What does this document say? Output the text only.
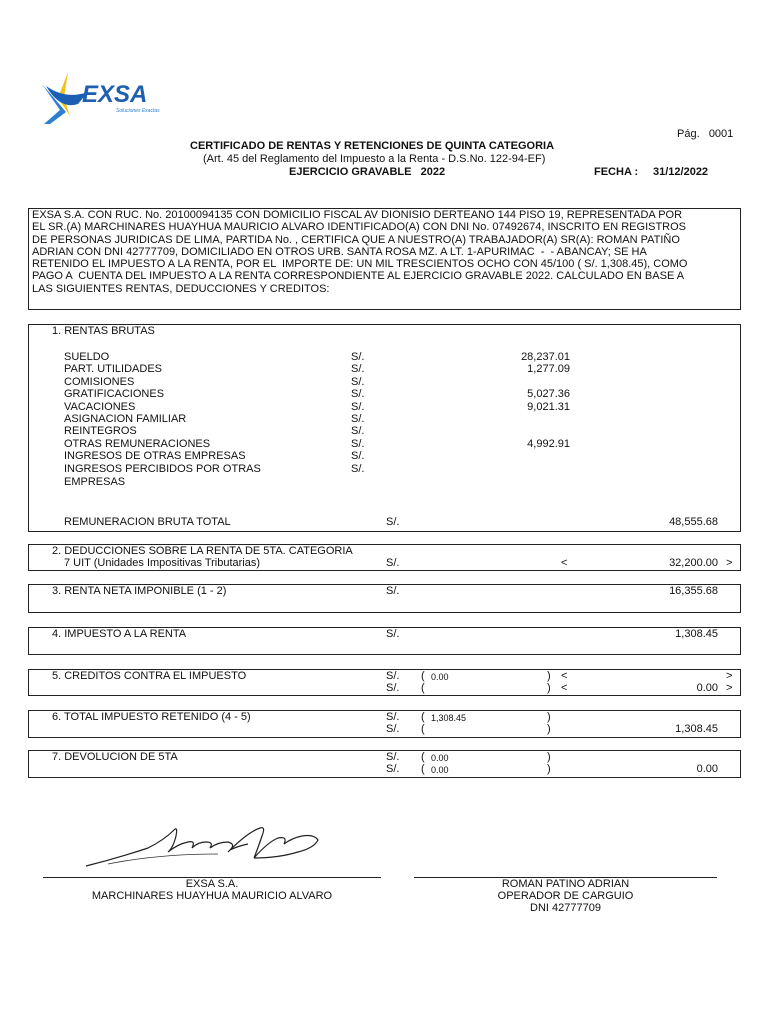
EXSA
Soluciones Exactas
Pág. 0001
CERTIFICADO DE RENTAS Y RETENCIONES DE QUINTA CATEGORIA
(Art. 45 del Reglamento del Impuesto a la Renta - D.S.No. 122-94-EF)
EJERCICIO GRAVABLE   2022	FECHA : 31/12/2022
EXSA S.A. CON RUC. No. 20100094135 CON DOMICILIO FISCAL AV DIONISIO DERTEANO 144 PISO 19, REPRESENTADA POR
EL SR.(A) MARCHINARES HUAYHUA MAURICIO ALVARO IDENTIFICADO(A) CON DNI No. 07492674, INSCRITO EN REGISTROS
DE PERSONAS JURIDICAS DE LIMA, PARTIDA No. , CERTIFICA QUE A NUESTRO(A) TRABAJADOR(A) SR(A): ROMAN PATIÑO
ADRIAN CON DNI 42777709, DOMICILIADO EN OTROS URB. SANTA ROSA MZ. A LT. 1-APURIMAC  -  - ABANCAY; SE HA
RETENIDO EL IMPUESTO A LA RENTA, POR EL  IMPORTE DE: UN MIL TRESCIENTOS OCHO CON 45/100 ( S/. 1,308.45), COMO
PAGO A  CUENTA DEL IMPUESTO A LA RENTA CORRESPONDIENTE AL EJERCICIO GRAVABLE 2022. CALCULADO EN BASE A
LAS SIGUIENTES RENTAS, DEDUCCIONES Y CREDITOS:
1. RENTAS BRUTAS
SUELDO	S/.	28,237.01
PART. UTILIDADES	S/.	1,277.09
COMISIONES	S/.
GRATIFICACIONES	S/.	5,027.36
VACACIONES	S/.	9,021.31
ASIGNACION FAMILIAR	S/.
REINTEGROS	S/.
OTRAS REMUNERACIONES	S/.	4,992.91
INGRESOS DE OTRAS EMPRESAS	S/.
INGRESOS PERCIBIDOS POR OTRAS	S/.
EMPRESAS
REMUNERACION BRUTA TOTAL	S/.	48,555.68
2. DEDUCCIONES SOBRE LA RENTA DE 5TA. CATEGORIA
7 UIT (Unidades Impositivas Tributarias)	S/.	<	32,200.00 >
3. RENTA NETA IMPONIBLE (1 - 2)	S/.	16,355.68
4. IMPUESTO A LA RENTA	S/.	1,308.45
5. CREDITOS CONTRA EL IMPUESTO	S/. ( 0.00	) <	>
S/. (	) <	0.00 >
6. TOTAL IMPUESTO RETENIDO (4 - 5)	S/. ( 1,308.45	)
S/. (	)	1,308.45
7. DEVOLUCION DE 5TA	S/. ( 0.00	)
S/. ( 0.00	)	0.00
EXSA S.A.
MARCHINARES HUAYHUA MAURICIO ALVARO
ROMAN PATINO ADRIAN
OPERADOR DE CARGUIO
DNI 42777709
